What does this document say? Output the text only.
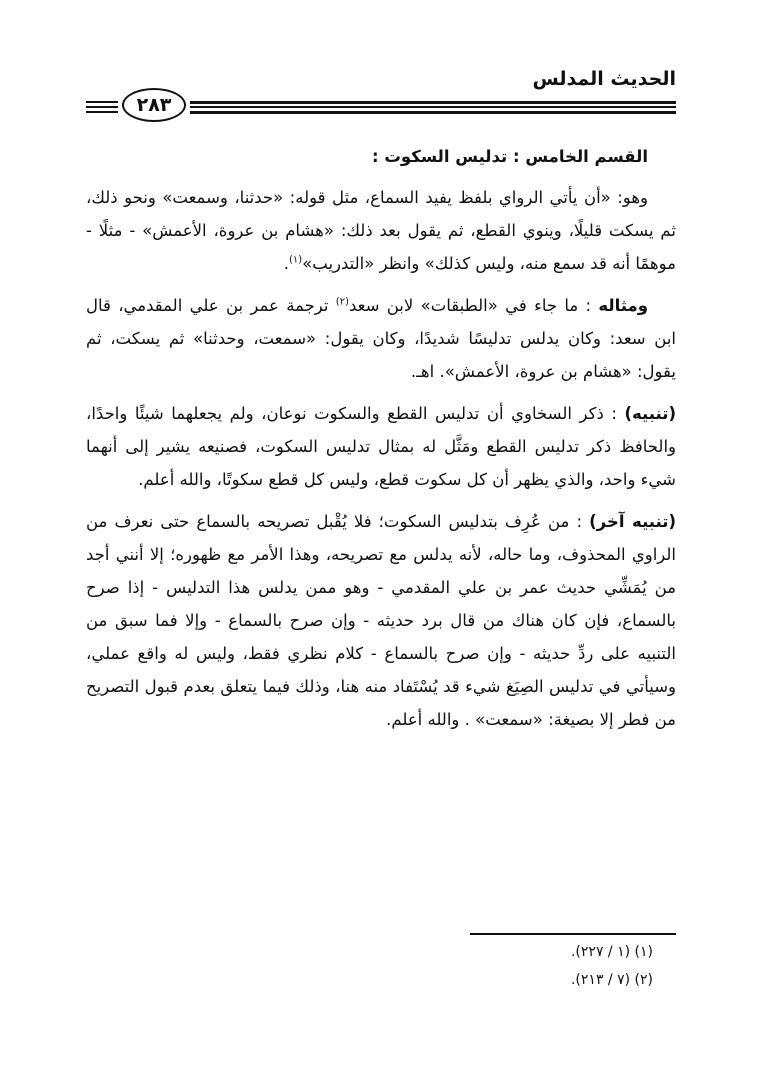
الحديث المدلس
٢٨٣

القسم الخامس : تدليس السكوت :

وهو: «أن يأتي الرواي بلفظ يفيد السماع، مثل قوله: «حدثنا، وسمعت» ونحو ذلك، ثم يسكت قليلًا، وينوي القطع، ثم يقول بعد ذلك: «هشام بن عروة، الأعمش» - مثلًا - موهمًا أنه قد سمع منه، وليس كذلك» وانظر «التدريب»$^{(١)}$.

ومثاله : ما جاء في «الطبقات» لابن سعد$^{(٢)}$ ترجمة عمر بن علي المقدمي، قال ابن سعد: وكان يدلس تدليسًا شديدًا، وكان يقول: «سمعت، وحدثنا» ثم يسكت، ثم يقول: «هشام بن عروة، الأعمش». اهـ.

(تنبيه) : ذكر السخاوي أن تدليس القطع والسكوت نوعان، ولم يجعلهما شيئًا واحدًا، والحافظ ذكر تدليس القطع ومَثَّل له بمثال تدليس السكوت، فصنيعه يشير إلى أنهما شيء واحد، والذي يظهر أن كل سكوت قطع، وليس كل قطع سكوتًا، والله أعلم.

(تنبيه آخر) : من عُرِف بتدليس السكوت؛ فلا يُقْبل تصريحه بالسماع حتى نعرف من الراوي المحذوف، وما حاله، لأنه يدلس مع تصريحه، وهذا الأمر مع ظهوره؛ إلا أنني أجد من يُمَشِّي حديث عمر بن علي المقدمي - وهو ممن يدلس هذا التدليس - إذا صرح بالسماع، فإن كان هناك من قال برد حديثه - وإن صرح بالسماع - وإلا فما سبق من التنبيه على ردِّ حديثه - وإن صرح بالسماع - كلام نظري فقط، وليس له واقع عملي، وسيأتي في تدليس الصِيَغ شيء قد يُسْتَفاد منه هنا، وذلك فيما يتعلق بعدم قبول التصريح من فطر إلا بصيغة: «سمعت» . والله أعلم.

(١) (١ / ٢٢٧).
(٢) (٧ / ٢١٣).
